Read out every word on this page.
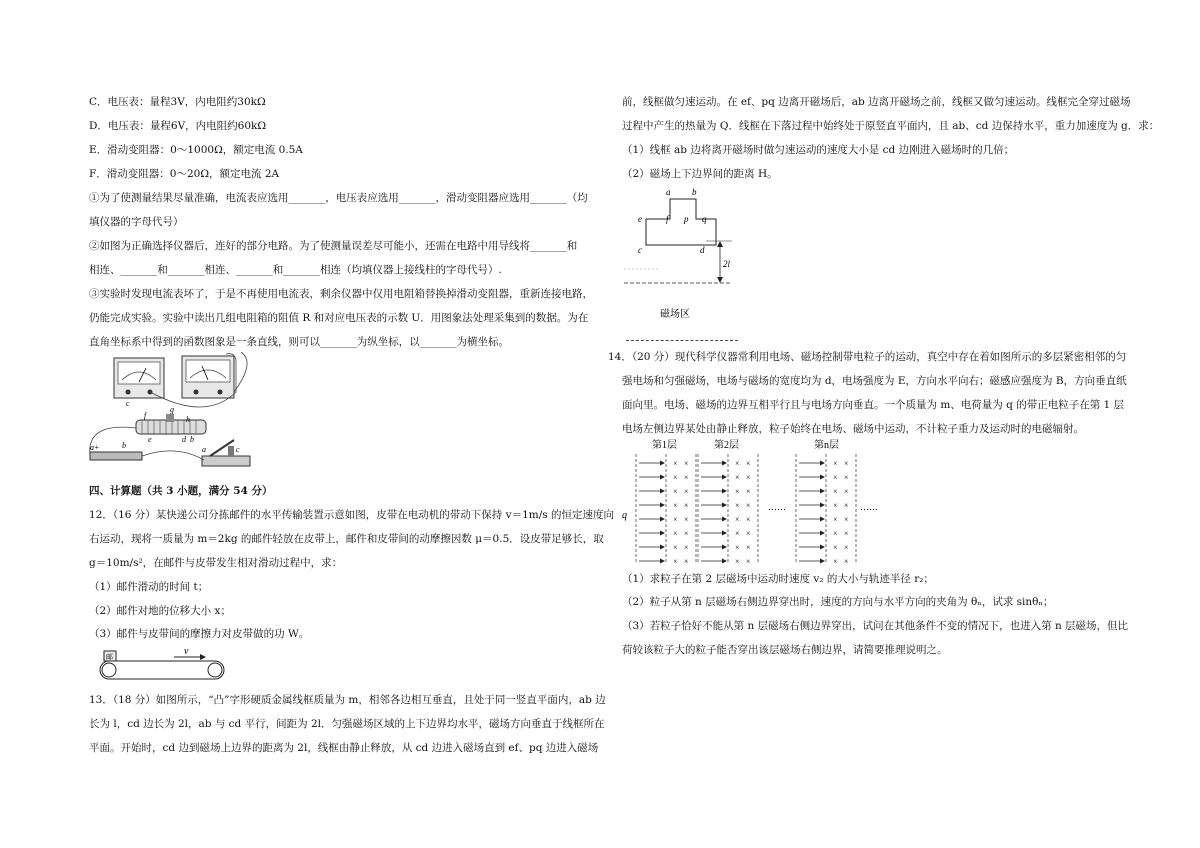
C．电压表：量程3V，内电阻约30kΩ
D．电压表：量程6V，内电阻约60kΩ
E．滑动变阻器：0～1000Ω，额定电流 0.5A
F．滑动变阻器：0～20Ω，额定电流 2A
①为了使测量结果尽量准确，电流表应选用_______，电压表应选用_______，滑动变阻器应选用_______（均
填仪器的字母代号）
②如图为正确选择仪器后，连好的部分电路。为了使测量误差尽可能小，还需在电路中用导线将_______和
相连、_______和_______相连、_______和_______相连（均填仪器上接线柱的字母代号）.
③实验时发现电流表坏了，于是不再使用电流表，剩余仪器中仅用电阻箱替换掉滑动变阻器，重新连接电路，
仍能完成实验。实验中读出几组电阻箱的阻值 R 和对应电压表的示数 U．用图象法处理采集到的数据。为在
直角坐标系中得到的函数图象是一条直线，则可以_______为纵坐标，以_______为横坐标。
f
e	d b
g
h
a+	b	a	c
c
四、计算题（共 3 小题，满分 54 分）
12．（16 分）某快递公司分拣邮件的水平传输装置示意如图，皮带在电动机的带动下保持 v＝1m/s 的恒定速度向
右运动，现将一质量为 m＝2kg 的邮件轻放在皮带上，邮件和皮带间的动摩擦因数 μ＝0.5．设皮带足够长，取
g＝10m/s²，在邮件与皮带发生相对滑动过程中，求：
（1）邮件滑动的时间 t；
（2）邮件对地的位移大小 x；
（3）邮件与皮带间的摩擦力对皮带做的功 W。
邮	v
13．（18 分）如图所示，“凸”字形硬质金属线框质量为 m，相邻各边相互垂直，且处于同一竖直平面内，ab 边
长为 l，cd 边长为 2l，ab 与 cd 平行，间距为 2l．匀强磁场区域的上下边界均水平，磁场方向垂直于线框所在
平面。开始时，cd 边到磁场上边界的距离为 2l，线框由静止释放，从 cd 边进入磁场直到 ef、pq 边进入磁场
前，线框做匀速运动。在 ef、pq 边离开磁场后，ab 边离开磁场之前，线框又做匀速运动。线框完全穿过磁场
过程中产生的热量为 Q．线框在下落过程中始终处于原竖直平面内，且 ab、cd 边保持水平，重力加速度为 g．求：
（1）线框 ab 边将离开磁场时做匀速运动的速度大小是 cd 边刚进入磁场时的几倍；
（2）磁场上下边界间的距离 H。
a b
e	f p q
c	d
2l
磁场区
14．（20 分）现代科学仪器常利用电场、磁场控制带电粒子的运动，真空中存在着如图所示的多层紧密相邻的匀
强电场和匀强磁场，电场与磁场的宽度均为 d，电场强度为 E，方向水平向右；磁感应强度为 B，方向垂直纸
面向里。电场、磁场的边界互相平行且与电场方向垂直。一个质量为 m、电荷量为 q 的带正电粒子在第 1 层
电场左侧边界某处由静止释放，粒子始终在电场、磁场中运动，不计粒子重力及运动时的电磁辐射。
第1层	第2层	第n层
× ×
× ×
× ×
× ×
× ×
× ×
× ×
× ×
× ×
× ×
× ×
× ×
× ×
× ×
× ×
× ×
× ×
× ×
× ×
× ×
× ×
× ×
× ×
× ×
q
……	……
（1）求粒子在第 2 层磁场中运动时速度 v₂ 的大小与轨迹半径 r₂；
（2）粒子从第 n 层磁场右侧边界穿出时，速度的方向与水平方向的夹角为 θₙ，试求 sinθₙ；
（3）若粒子恰好不能从第 n 层磁场右侧边界穿出，试问在其他条件不变的情况下，也进入第 n 层磁场，但比
荷较该粒子大的粒子能否穿出该层磁场右侧边界，请简要推理说明之。
